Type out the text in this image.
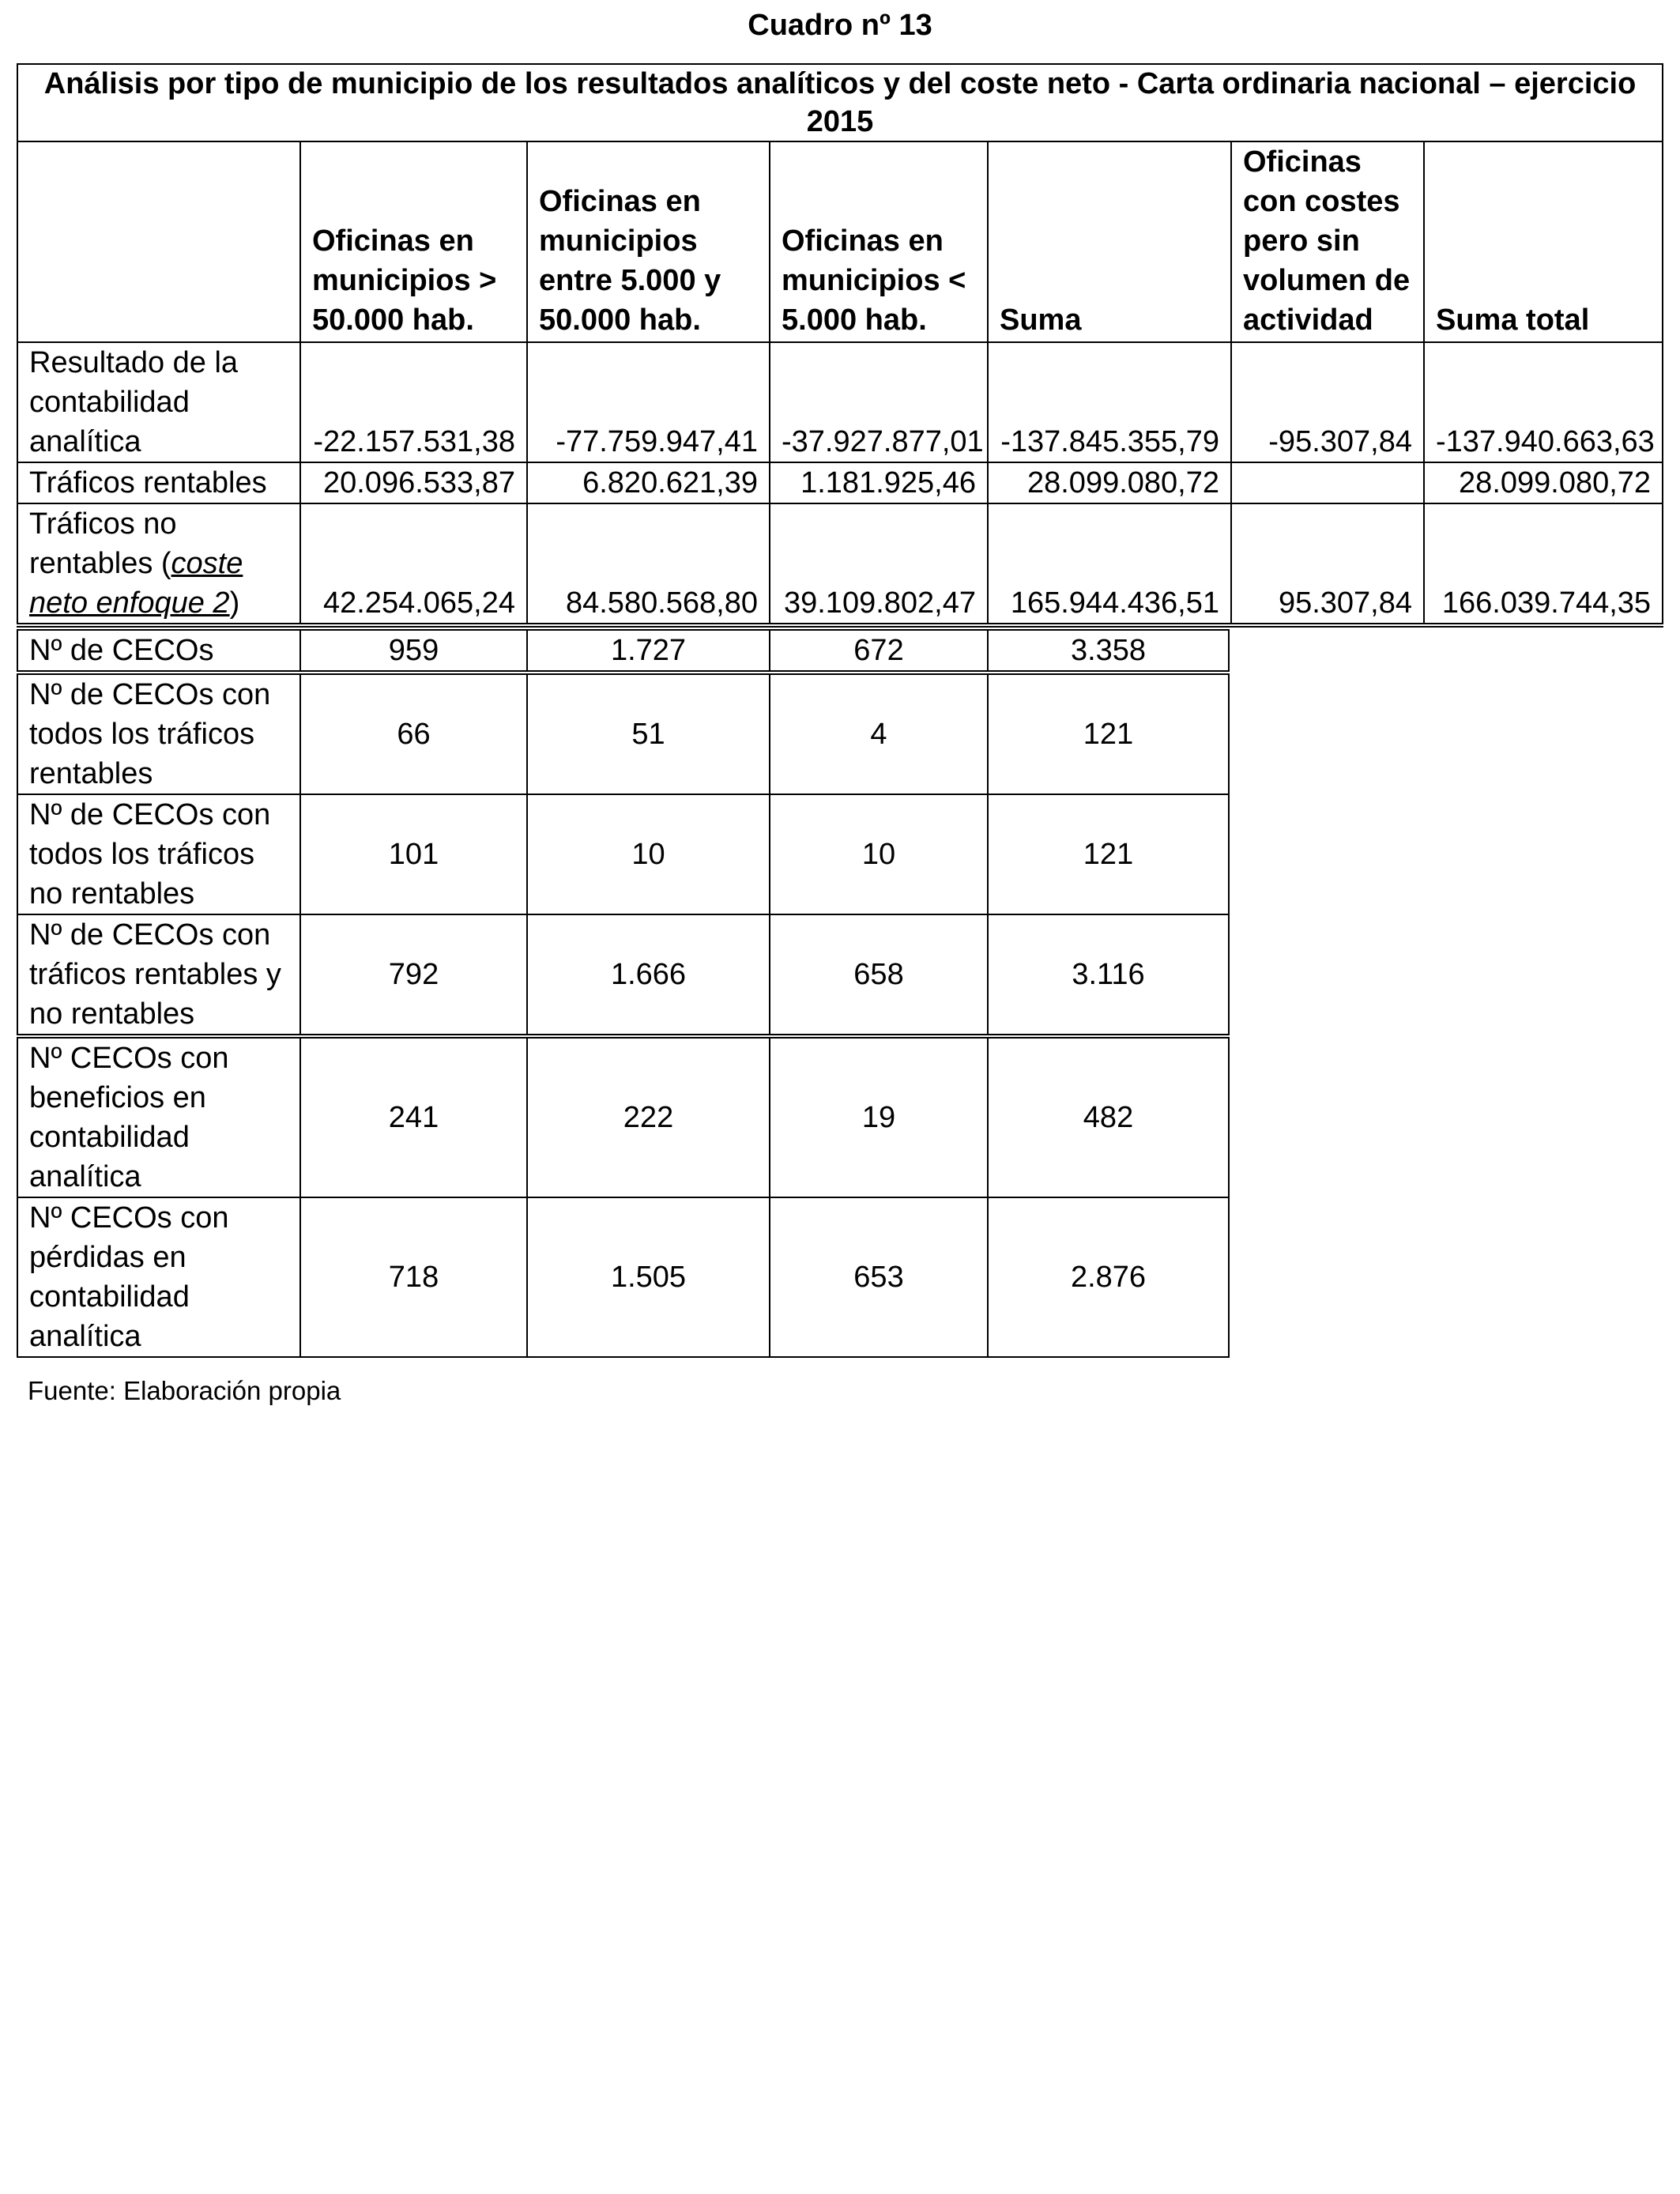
Cuadro nº 13
Análisis por tipo de municipio de los resultados analíticos y del coste neto - Carta ordinaria nacional – ejercicio 2015						
	Oficinas en municipios > 50.000 hab.	Oficinas en municipios entre 5.000 y 50.000 hab.	Oficinas en municipios < 5.000 hab.	Suma	Oficinas con costes pero sin volumen de actividad	Suma total
Resultado de la contabilidad analítica	-22.157.531,38	-77.759.947,41	-37.927.877,01	-137.845.355,79	-95.307,84	-137.940.663,63
Tráficos rentables	20.096.533,87	6.820.621,39	1.181.925,46	28.099.080,72		28.099.080,72
Tráficos no rentables (coste neto enfoque 2)	42.254.065,24	84.580.568,80	39.109.802,47	165.944.436,51	95.307,84	166.039.744,35
Nº de CECOs	959	1.727	672	3.358
Nº de CECOs con todos los tráficos rentables	66	51	4	121
Nº de CECOs con todos los tráficos no rentables	101	10	10	121
Nº de CECOs con tráficos rentables y no rentables	792	1.666	658	3.116
Nº CECOs con beneficios en contabilidad analítica	241	222	19	482
Nº CECOs con pérdidas en contabilidad analítica	718	1.505	653	2.876
Fuente: Elaboración propia
